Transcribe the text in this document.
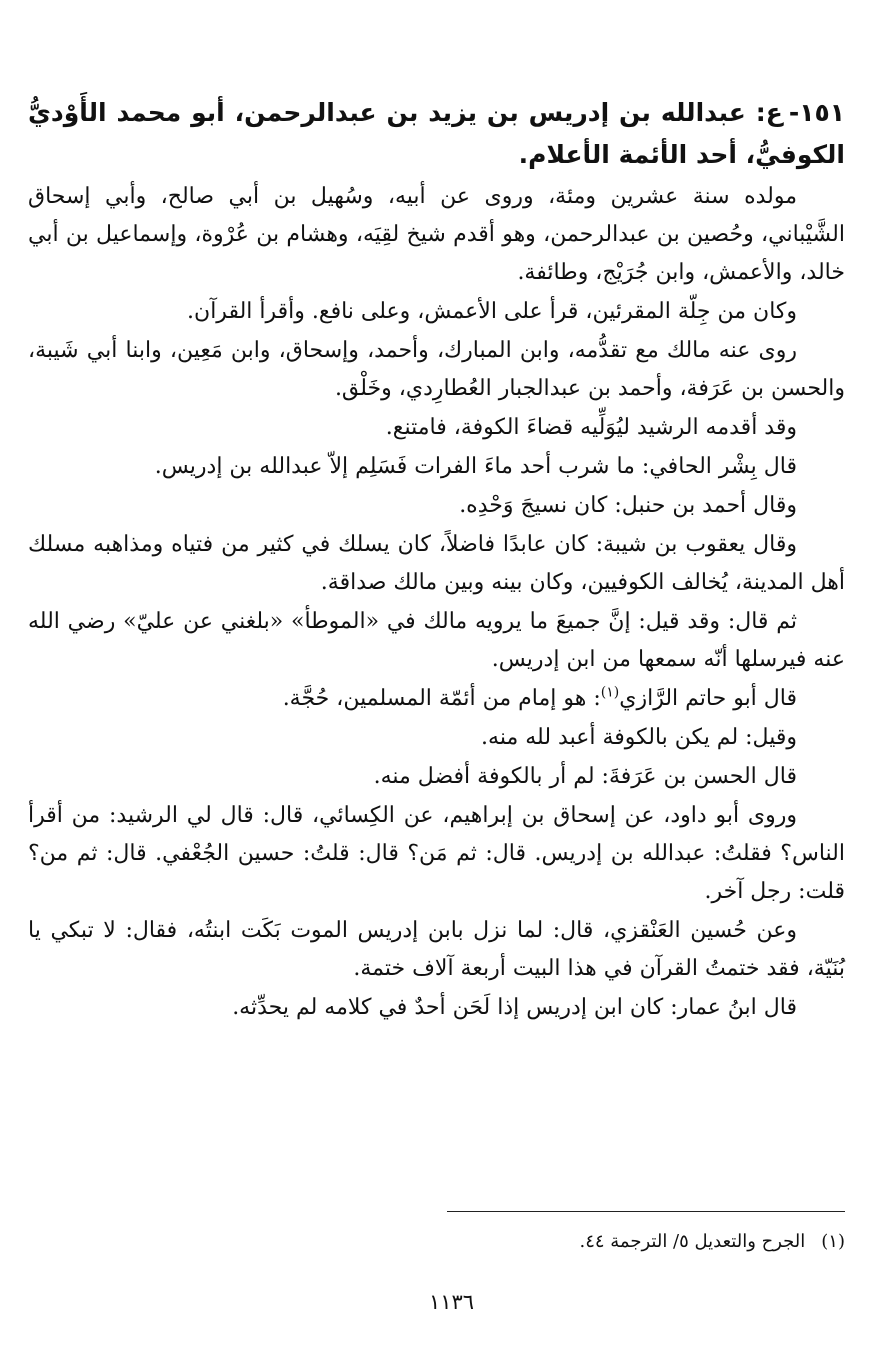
١٥١-ع: عبدالله بن إدريس بن يزيد بن عبدالرحمن، أبو محمد الأَوْديُّ الكوفيُّ، أحد الأئمة الأعلام.

مولده سنة عشرين ومئة، وروى عن أبيه، وسُهيل بن أبي صالح، وأبي إسحاق الشَّيْباني، وحُصين بن عبدالرحمن، وهو أقدم شيخ لقِيَه، وهشام بن عُرْوة، وإسماعيل بن أبي خالد، والأعمش، وابن جُرَيْج، وطائفة.

وكان من جِلّة المقرئين، قرأ على الأعمش، وعلى نافع. وأقرأ القرآن.

روى عنه مالك مع تقدُّمه، وابن المبارك، وأحمد، وإسحاق، وابن مَعِين، وابنا أبي شَيبة، والحسن بن عَرَفة، وأحمد بن عبدالجبار العُطارِدي، وخَلْق.

وقد أقدمه الرشيد ليُوَلِّيه قضاءَ الكوفة، فامتنع.

قال بِشْر الحافي: ما شرب أحد ماءَ الفرات فَسَلِم إلاّ عبدالله بن إدريس.

وقال أحمد بن حنبل: كان نسيجَ وَحْدِه.

وقال يعقوب بن شيبة: كان عابدًا فاضلاً، كان يسلك في كثير من فتياه ومذاهبه مسلك أهل المدينة، يُخالف الكوفيين، وكان بينه وبين مالك صداقة.

ثم قال: وقد قيل: إنَّ جميعَ ما يرويه مالك في «الموطأ» «بلغني عن عليّ» رضي الله عنه فيرسلها أنّه سمعها من ابن إدريس.

قال أبو حاتم الرَّازي$^{(١)}$: هو إمام من أئمّة المسلمين، حُجَّة.

وقيل: لم يكن بالكوفة أعبد لله منه.

قال الحسن بن عَرَفةَ: لم أر بالكوفة أفضل منه.

وروى أبو داود، عن إسحاق بن إبراهيم، عن الكِسائي، قال: قال لي الرشيد: من أقرأ الناس؟ فقلتُ: عبدالله بن إدريس. قال: ثم مَن؟ قال: قلتُ: حسين الجُعْفي. قال: ثم من؟ قلت: رجل آخر.

وعن حُسين العَنْقزي، قال: لما نزل بابن إدريس الموت بَكَت ابنتُه، فقال: لا تبكي يا بُنَيّة، فقد ختمتُ القرآن في هذا البيت أربعة آلاف ختمة.

قال ابنُ عمار: كان ابن إدريس إذا لَحَن أحدٌ في كلامه لم يحدِّثه.

(١)الجرح والتعديل ٥/ الترجمة ٤٤.
١١٣٦
